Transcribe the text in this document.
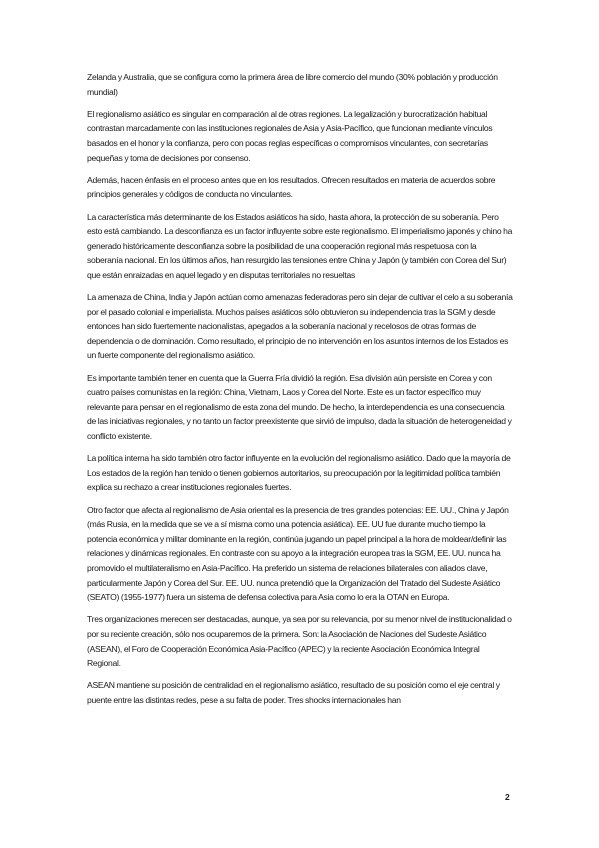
Zelanda y Australia, que se configura como la primera área de libre comercio del mundo (30% población y producción mundial)

El regionalismo asiático es singular en comparación al de otras regiones. La legalización y burocratización habitual contrastan marcadamente con las instituciones regionales de Asia y Asia-Pacífico, que funcionan mediante vínculos basados en el honor y la confianza, pero con pocas reglas específicas o compromisos vinculantes, con secretarías pequeñas y toma de decisiones por consenso.

Además, hacen énfasis en el proceso antes que en los resultados. Ofrecen resultados en materia de acuerdos sobre principios generales y códigos de conducta no vinculantes.

La característica más determinante de los Estados asiáticos ha sido, hasta ahora, la protección de su soberanía. Pero esto está cambiando. La desconfianza es un factor influyente sobre este regionalismo. El imperialismo japonés y chino ha generado históricamente desconfianza sobre la posibilidad de una cooperación regional más respetuosa con la soberanía nacional. En los últimos años, han resurgido las tensiones entre China y Japón (y también con Corea del Sur) que están enraizadas en aquel legado y en disputas territoriales no resueltas

La amenaza de China, India y Japón actúan como amenazas federadoras pero sin dejar de cultivar el celo a su soberanía por el pasado colonial e imperialista. Muchos países asiáticos sólo obtuvieron su independencia tras la SGM y desde entonces han sido fuertemente nacionalistas, apegados a la soberanía nacional y recelosos de otras formas de dependencia o de dominación. Como resultado, el principio de no intervención en los asuntos internos de los Estados es un fuerte componente del regionalismo asiático.

Es importante también tener en cuenta que la Guerra Fría dividió la región. Esa división aún persiste en Corea y con cuatro países comunistas en la región: China, Vietnam, Laos y Corea del Norte. Este es un factor específico muy relevante para pensar en el regionalismo de esta zona del mundo. De hecho, la interdependencia es una consecuencia de las iniciativas regionales, y no tanto un factor preexistente que sirvió de impulso, dada la situación de heterogeneidad y conflicto existente.

La política interna ha sido también otro factor influyente en la evolución del regionalismo asiático. Dado que la mayoría de Los estados de la región han tenido o tienen gobiernos autoritarios, su preocupación por la legitimidad política también explica su rechazo a crear instituciones regionales fuertes.

Otro factor que afecta al regionalismo de Asia oriental es la presencia de tres grandes potencias: EE. UU., China y Japón (más Rusia, en la medida que se ve a sí misma como una potencia asiática). EE. UU fue durante mucho tiempo la potencia económica y militar dominante en la región, continúa jugando un papel principal a la hora de moldear/definir las relaciones y dinámicas regionales. En contraste con su apoyo a la integración europea tras la SGM, EE. UU. nunca ha promovido el multilateralismo en Asia-Pacífico. Ha preferido un sistema de relaciones bilaterales con aliados clave, particularmente Japón y Corea del Sur. EE. UU. nunca pretendió que la Organización del Tratado del Sudeste Asiático (SEATO) (1955-1977) fuera un sistema de defensa colectiva para Asia como lo era la OTAN en Europa.

Tres organizaciones merecen ser destacadas, aunque, ya sea por su relevancia, por su menor nivel de institucionalidad o por su reciente creación, sólo nos ocuparemos de la primera. Son: la Asociación de Naciones del Sudeste Asiático (ASEAN), el Foro de Cooperación Económica Asia-Pacífico (APEC) y la reciente Asociación Económica Integral Regional.

ASEAN mantiene su posición de centralidad en el regionalismo asiático, resultado de su posición como el eje central y puente entre las distintas redes, pese a su falta de poder. Tres shocks internacionales han

2
